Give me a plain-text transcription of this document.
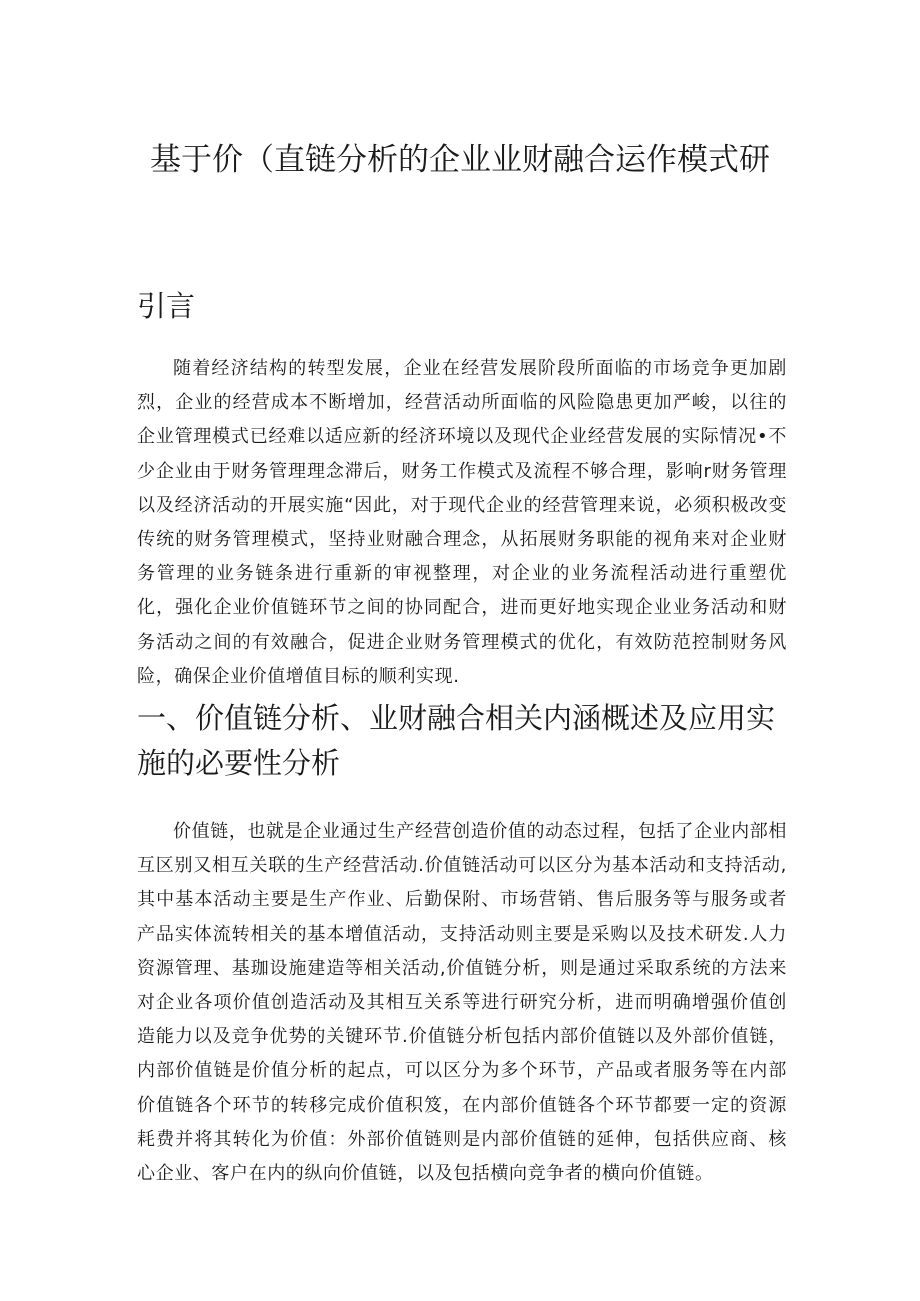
基于价（直链分析的企业业财融合运作模式研
引言

随着经济结构的转型发展，企业在经营发展阶段所面临的市场竞争更加剧烈，企业的经营成本不断增加，经营活动所面临的风险隐患更加严峻，以往的企业管理模式已经难以适应新的经济环境以及现代企业经营发展的实际情况•不少企业由于财务管理理念滞后，财务工作模式及流程不够合理，影响r财务管理以及经济活动的开展实施“因此，对于现代企业的经营管理来说，必须积极改变传统的财务管理模式，坚持业财融合理念，从拓展财务职能的视角来对企业财务管理的业务链条进行重新的审视整理，对企业的业务流程活动进行重塑优化，强化企业价值链环节之间的协同配合，进而更好地实现企业业务活动和财务活动之间的有效融合，促进企业财务管理模式的优化，有效防范控制财务风险，确保企业价值增值目标的顺利实现.

一、价值链分析、业财融合相关内涵概述及应用实施的必要性分析

价值链，也就是企业通过生产经营创造价值的动态过程，包括了企业内部相互区别又相互关联的生产经营活动.价值链活动可以区分为基本活动和支持活动,其中基本活动主要是生产作业、后勤保附、市场营销、售后服务等与服务或者产品实体流转相关的基本增值活动，支持活动则主要是采购以及技术研发.人力资源管理、基珈设施建造等相关活动,价值链分析，则是通过采取系统的方法来对企业各项价值创造活动及其相互关系等进行研究分析，进而明确增强价值创造能力以及竞争优势的关键环节.价值链分析包括内部价值链以及外部价值链，内部价值链是价值分析的起点，可以区分为多个环节，产品或者服务等在内部价值链各个环节的转移完成价值积笈，在内部价值链各个环节都要一定的资源耗费并将其转化为价值：外部价值链则是内部价值链的延伸，包括供应商、核心企业、客户在内的纵向价值链，以及包括横向竞争者的横向价值链。
